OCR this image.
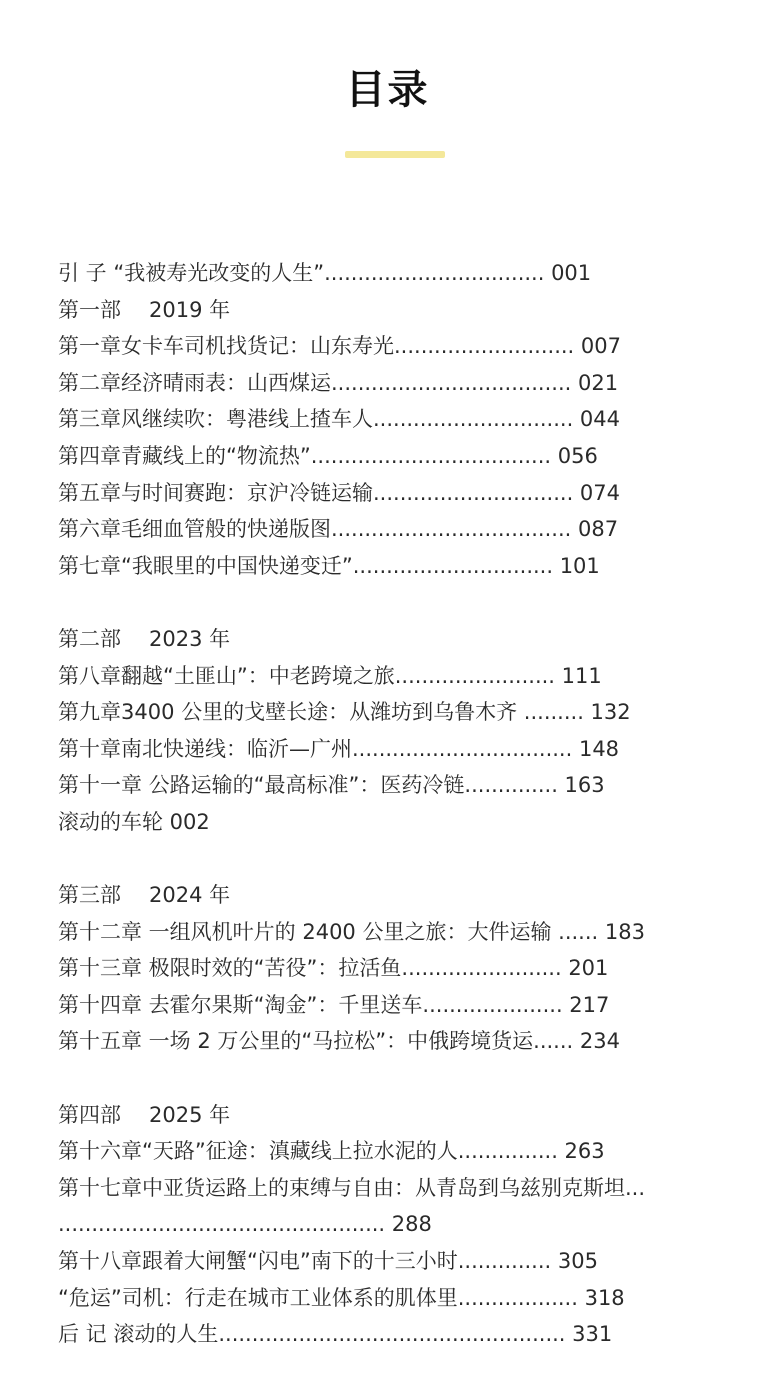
目录
引 子 “我被寿光改变的人生”................................. 001
第一部 2019 年
第一章女卡车司机找货记：山东寿光........................... 007
第二章经济晴雨表：山西煤运.................................... 021
第三章风继续吹：粤港线上揸车人.............................. 044
第四章青藏线上的“物流热”.................................... 056
第五章与时间赛跑：京沪冷链运输.............................. 074
第六章毛细血管般的快递版图.................................... 087
第七章“我眼里的中国快递变迁”.............................. 101
第二部 2023 年
第八章翻越“土匪山”：中老跨境之旅........................ 111
第九章3400 公里的戈壁长途：从潍坊到乌鲁木齐 ......... 132
第十章南北快递线：临沂—广州................................. 148
第十一章 公路运输的“最高标准”：医药冷链.............. 163
滚动的车轮 002
第三部 2024 年
第十二章 一组风机叶片的 2400 公里之旅：大件运输 ...... 183
第十三章 极限时效的“苦役”：拉活鱼........................ 201
第十四章 去霍尔果斯“淘金”：千里送车..................... 217
第十五章 一场 2 万公里的“马拉松”：中俄跨境货运...... 234
第四部 2025 年
第十六章“天路”征途：滇藏线上拉水泥的人............... 263
第十七章中亚货运路上的束缚与自由：从青岛到乌兹别克斯坦...
................................................. 288
第十八章跟着大闸蟹“闪电”南下的十三小时.............. 305
“危运”司机：行走在城市工业体系的肌体里.................. 318
后 记 滚动的人生.................................................... 331
